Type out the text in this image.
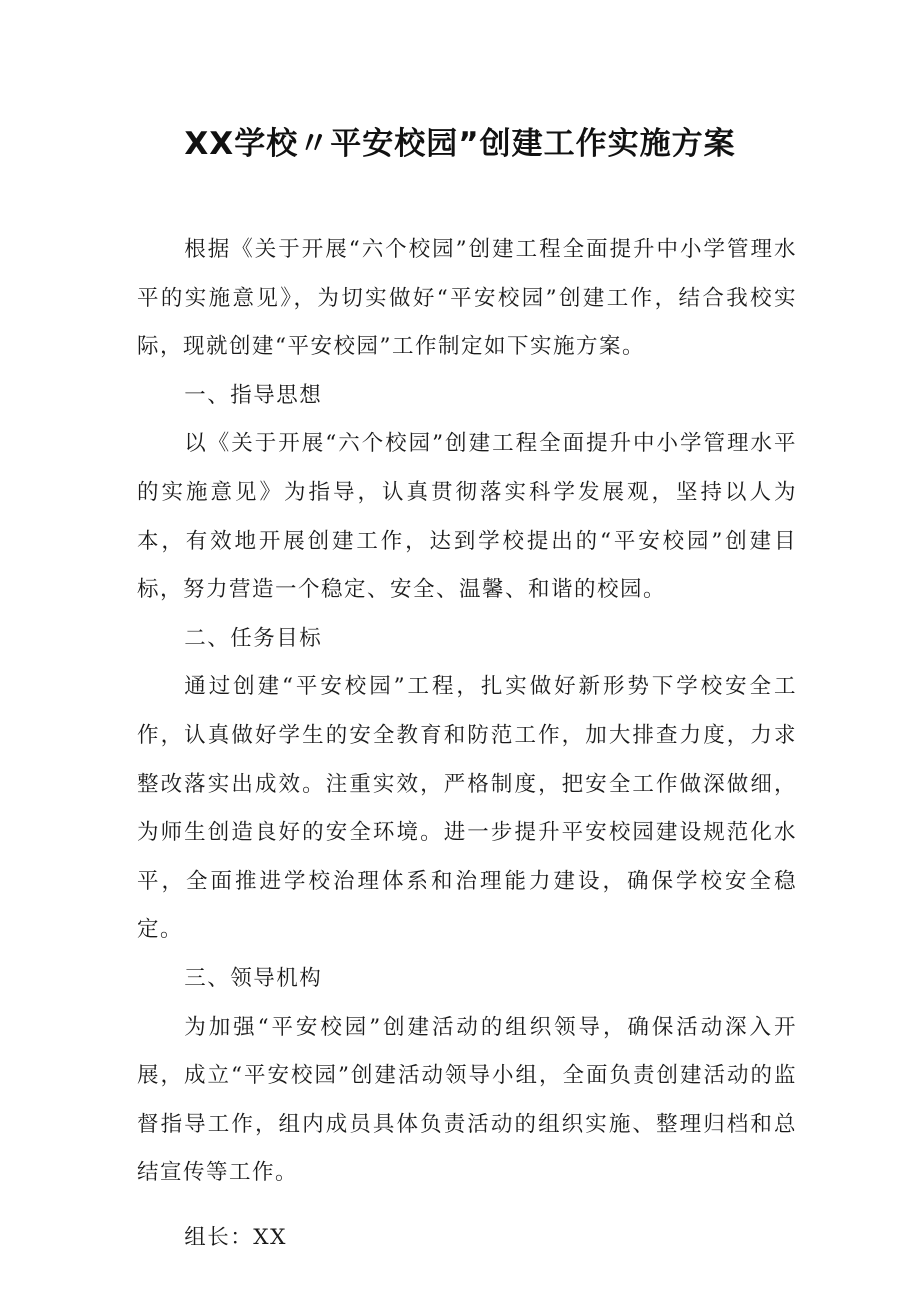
XX学校〃平安校园”创建工作实施方案

根据《关于开展“六个校园”创建工程全面提升中小学管理水平的实施意见》，为切实做好“平安校园”创建工作，结合我校实际，现就创建“平安校园”工作制定如下实施方案。

一、指导思想

以《关于开展“六个校园”创建工程全面提升中小学管理水平的实施意见》为指导，认真贯彻落实科学发展观，坚持以人为本，有效地开展创建工作，达到学校提出的“平安校园”创建目标，努力营造一个稳定、安全、温馨、和谐的校园。

二、任务目标

通过创建“平安校园”工程，扎实做好新形势下学校安全工作，认真做好学生的安全教育和防范工作，加大排查力度，力求整改落实出成效。注重实效，严格制度，把安全工作做深做细，为师生创造良好的安全环境。进一步提升平安校园建设规范化水平，全面推进学校治理体系和治理能力建设，确保学校安全稳定。

三、领导机构

为加强“平安校园”创建活动的组织领导，确保活动深入开展，成立“平安校园”创建活动领导小组，全面负责创建活动的监督指导工作，组内成员具体负责活动的组织实施、整理归档和总结宣传等工作。

组长：XX
